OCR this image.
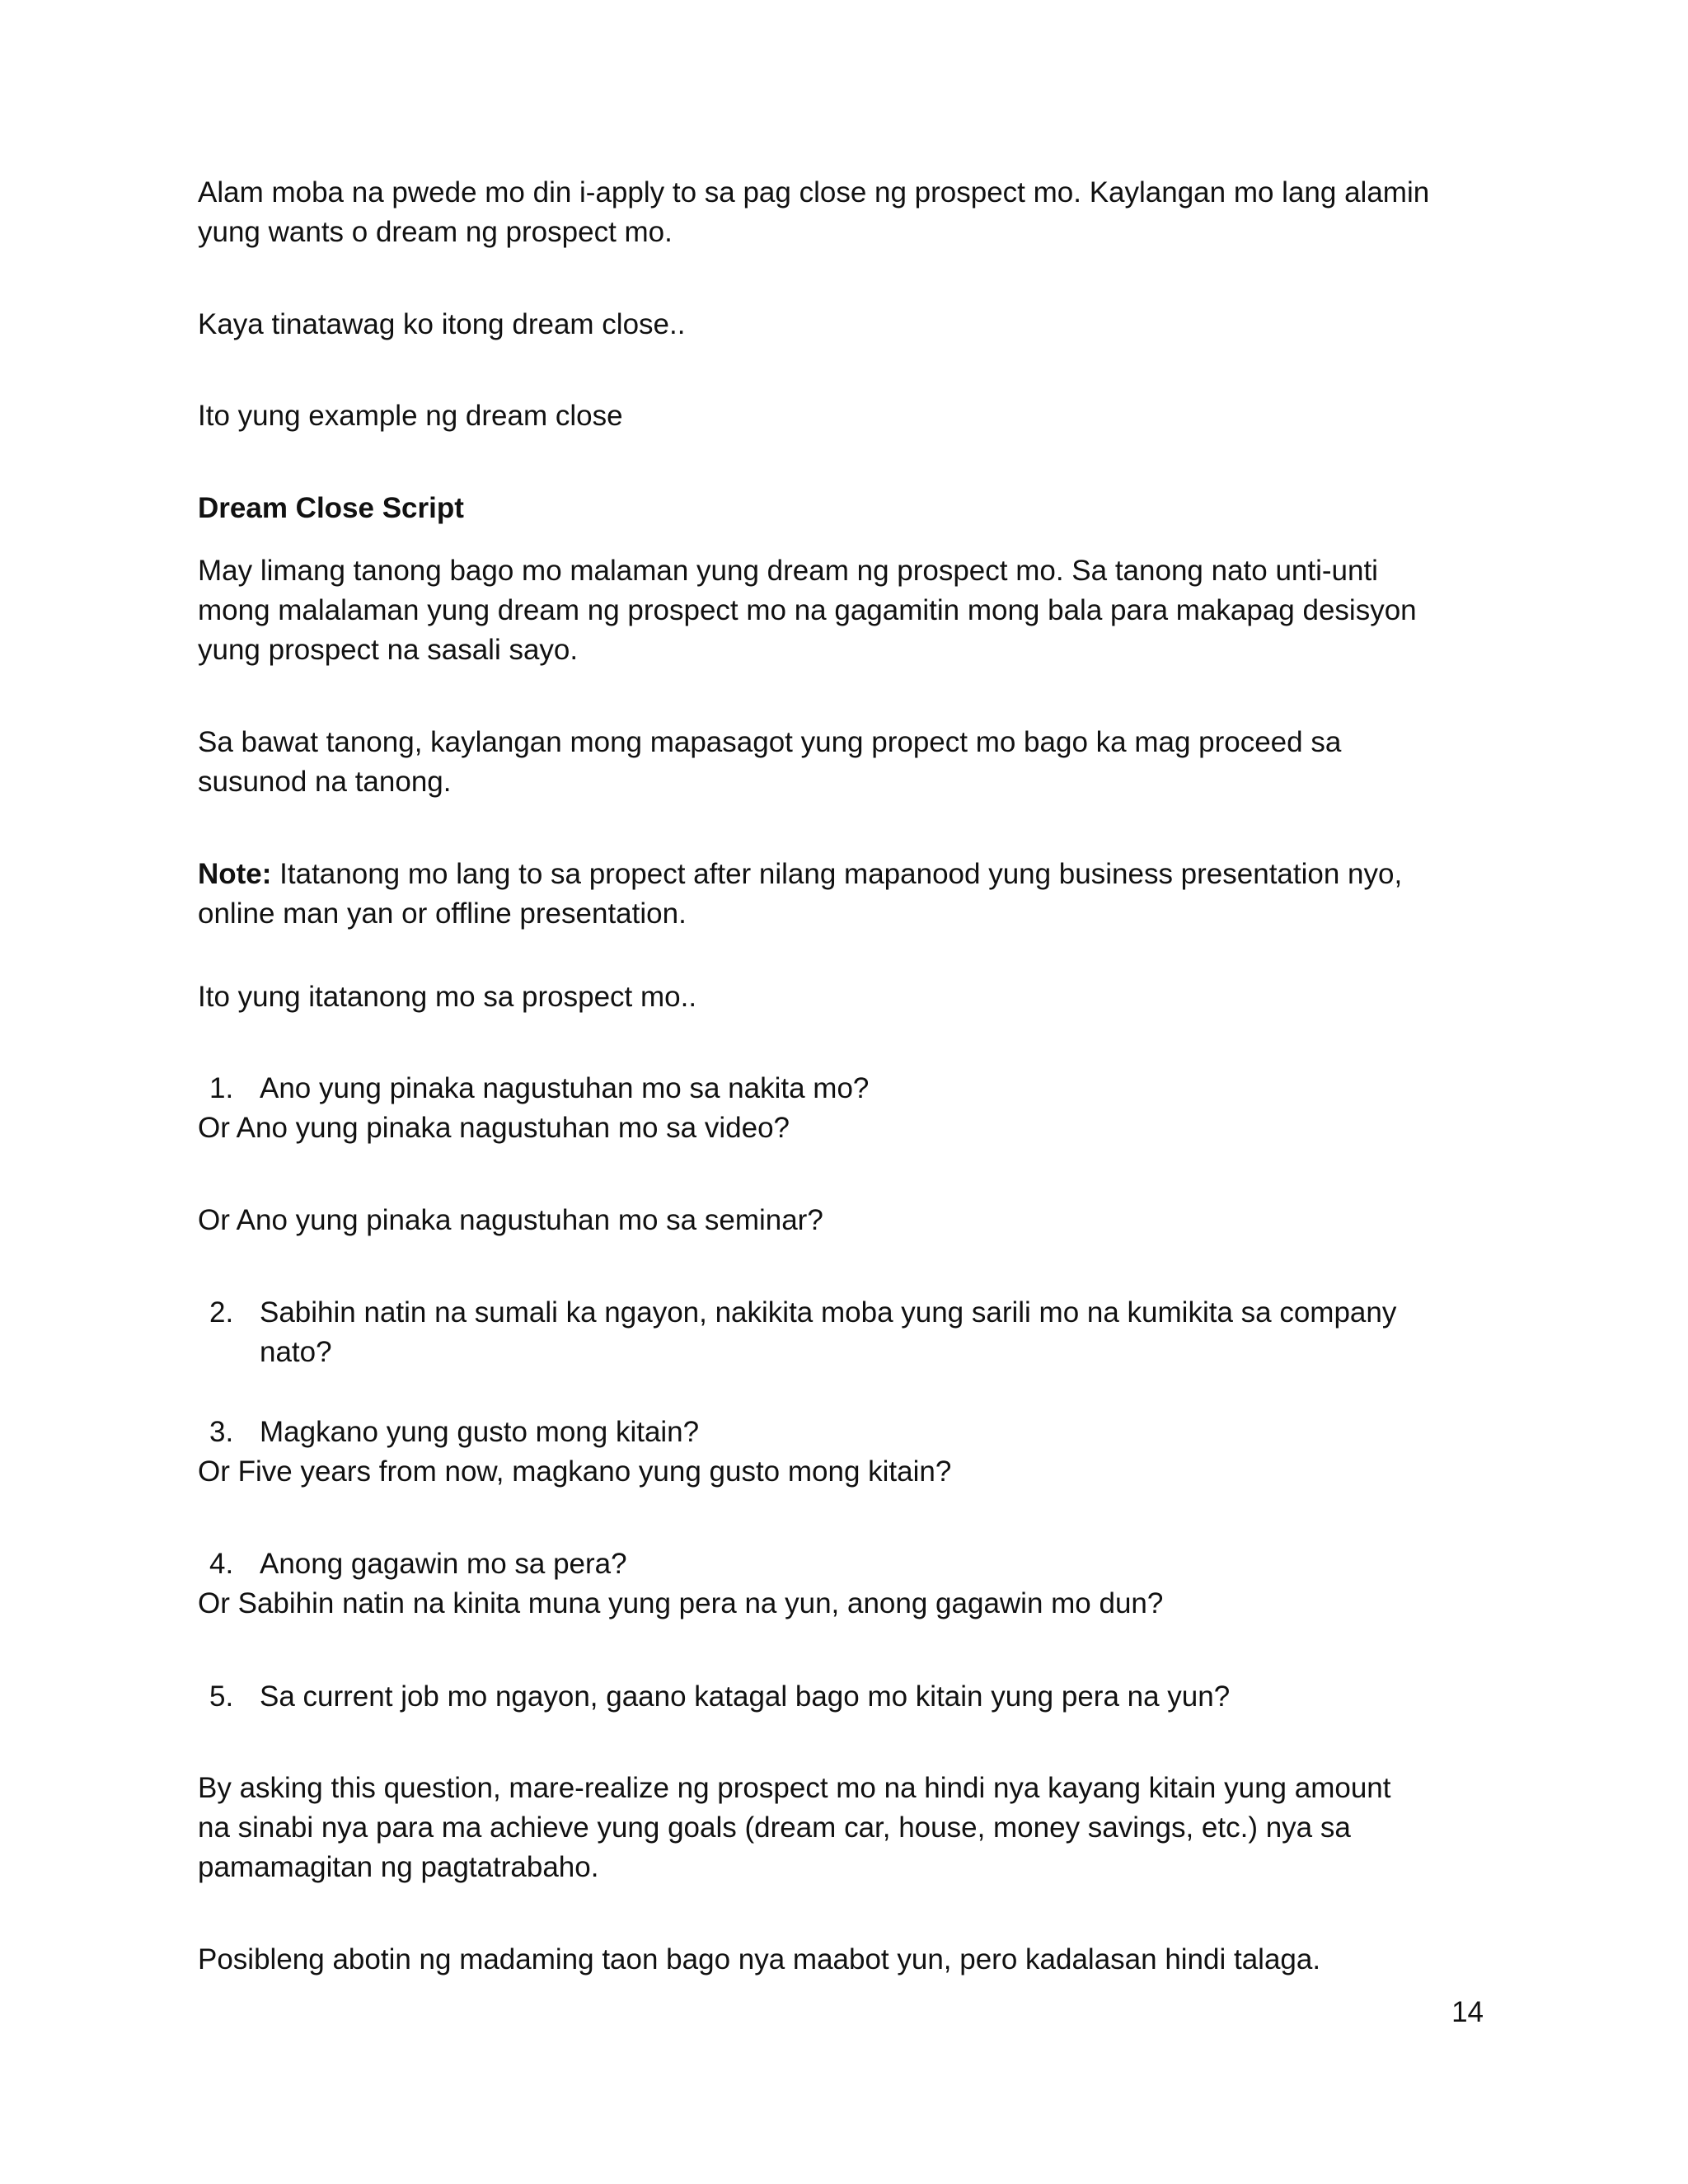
Alam moba na pwede mo din i-apply to sa pag close ng prospect mo. Kaylangan mo lang alamin

yung wants o dream ng prospect mo.

Kaya tinatawag ko itong dream close..

Ito yung example ng dream close

Dream Close Script

May limang tanong bago mo malaman yung dream ng prospect mo. Sa tanong nato unti-unti

mong malalaman yung dream ng prospect mo na gagamitin mong bala para makapag desisyon

yung prospect na sasali sayo.

Sa bawat tanong, kaylangan mong mapasagot yung propect mo bago ka mag proceed sa

susunod na tanong.

Note: Itatanong mo lang to sa propect after nilang mapanood yung business presentation nyo,

online man yan or offline presentation.

Ito yung itatanong mo sa prospect mo..

1. Ano yung pinaka nagustuhan mo sa nakita mo?

Or Ano yung pinaka nagustuhan mo sa video?

Or Ano yung pinaka nagustuhan mo sa seminar?

2. Sabihin natin na sumali ka ngayon, nakikita moba yung sarili mo na kumikita sa company
nato?
3. Magkano yung gusto mong kitain?

Or Five years from now, magkano yung gusto mong kitain?

4. Anong gagawin mo sa pera?

Or Sabihin natin na kinita muna yung pera na yun, anong gagawin mo dun?

5. Sa current job mo ngayon, gaano katagal bago mo kitain yung pera na yun?

By asking this question, mare-realize ng prospect mo na hindi nya kayang kitain yung amount

na sinabi nya para ma achieve yung goals (dream car, house, money savings, etc.) nya sa

pamamagitan ng pagtatrabaho.

Posibleng abotin ng madaming taon bago nya maabot yun, pero kadalasan hindi talaga.

14
